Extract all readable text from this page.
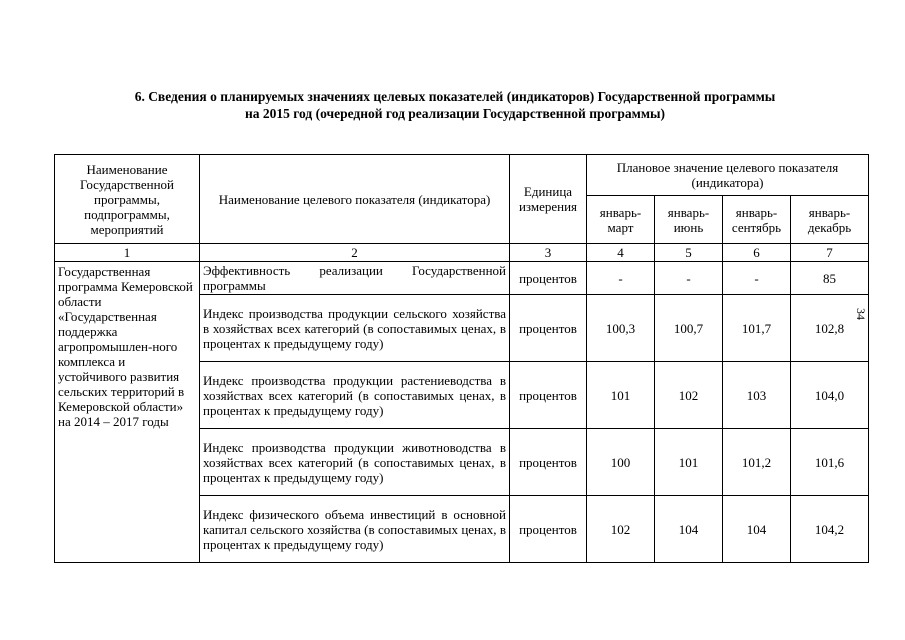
6. Сведения о планируемых значениях целевых показателей (индикаторов) Государственной программы
на 2015 год (очередной год реализации Государственной программы)
34
Наименование Государственной программы, подпрограммы, мероприятий	Наименование целевого показателя (индикатора)	Единица измерения	Плановое значение целевого показателя (индикатора)			
			январь-март	январь-июнь	январь-сентябрь	январь-декабрь
1	2	3	4	5	6	7
Государственная программа Кемеровской области «Государственная поддержка агропромышлен-ного комплекса и устойчивого развития сельских территорий в Кемеровской области» на 2014 – 2017 годы	Эффективность реализации Государственной программы	процентов	-	-	-	85
	Индекс производства продукции сельского хозяйства в хозяйствах всех категорий (в сопоставимых ценах, в процентах к предыдущему году)	процентов	100,3	100,7	101,7	102,8
	Индекс производства продукции растениеводства в хозяйствах всех категорий (в сопоставимых ценах, в процентах к предыдущему году)	процентов	101	102	103	104,0
	Индекс производства продукции животноводства в хозяйствах всех категорий (в сопоставимых ценах, в процентах к предыдущему году)	процентов	100	101	101,2	101,6
	Индекс физического объема инвестиций в основной капитал сельского хозяйства (в сопоставимых ценах, в процентах к предыдущему году)	процентов	102	104	104	104,2
